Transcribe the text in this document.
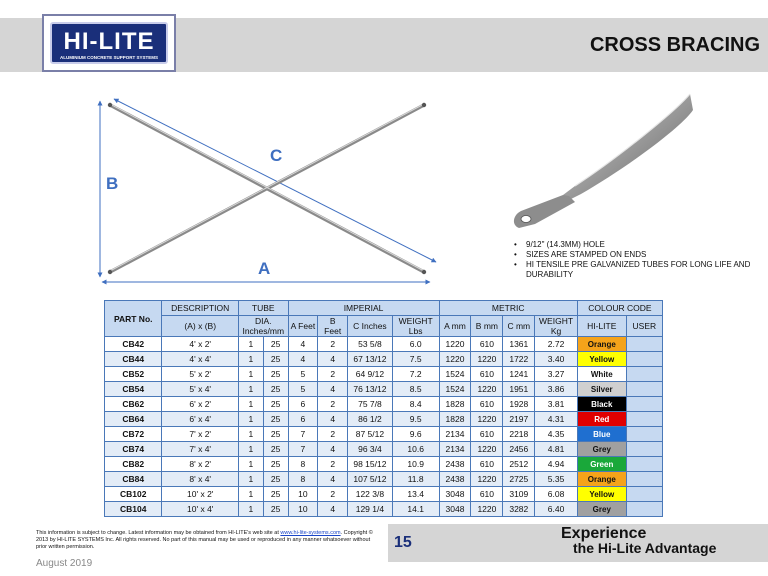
HI-LITE
ALUMINIUM CONCRETE SUPPORT SYSTEMS
CROSS BRACING
C
B
A
• 9/12" (14.3MM) HOLE
• SIZES ARE STAMPED ON ENDS
• HI TENSILE PRE GALVANIZED TUBES FOR LONG LIFE AND DURABILITY
PART No.	DESCRIPTION	TUBE		IMPERIAL				METRIC				COLOUR CODE	
	(A) x (B)	DIA. Inches/mm		A Feet	B Feet	C Inches	WEIGHT Lbs	A mm	B mm	C mm	WEIGHT Kg	HI-LITE	USER
CB42	4' x 2'	1	25	4	2	53 5/8	6.0	1220	610	1361	2.72	Orange	
CB44	4' x 4'	1	25	4	4	67 13/12	7.5	1220	1220	1722	3.40	Yellow	
CB52	5' x 2'	1	25	5	2	64 9/12	7.2	1524	610	1241	3.27	White	
CB54	5' x 4'	1	25	5	4	76 13/12	8.5	1524	1220	1951	3.86	Silver	
CB62	6' x 2'	1	25	6	2	75 7/8	8.4	1828	610	1928	3.81	Black	
CB64	6' x 4'	1	25	6	4	86 1/2	9.5	1828	1220	2197	4.31	Red	
CB72	7' x 2'	1	25	7	2	87 5/12	9.6	2134	610	2218	4.35	Blue	
CB74	7' x 4'	1	25	7	4	96 3/4	10.6	2134	1220	2456	4.81	Grey	
CB82	8' x 2'	1	25	8	2	98 15/12	10.9	2438	610	2512	4.94	Green	
CB84	8' x 4'	1	25	8	4	107 5/12	11.8	2438	1220	2725	5.35	Orange	
CB102	10' x 2'	1	25	10	2	122 3/8	13.4	3048	610	3109	6.08	Yellow	
CB104	10' x 4'	1	25	10	4	129 1/4	14.1	3048	1220	3282	6.40	Grey	
This information is subject to change. Latest information may be obtained from HI-LITE's web site at www.hi-lite-systems.com. Copyright © 2013 by HI-LITE SYSTEMS Inc. All rights reserved. No part of this manual may be used or reproduced in any manner whatsoever without prior written permission.	15
Experience
the Hi-Lite Advantage
August 2019
